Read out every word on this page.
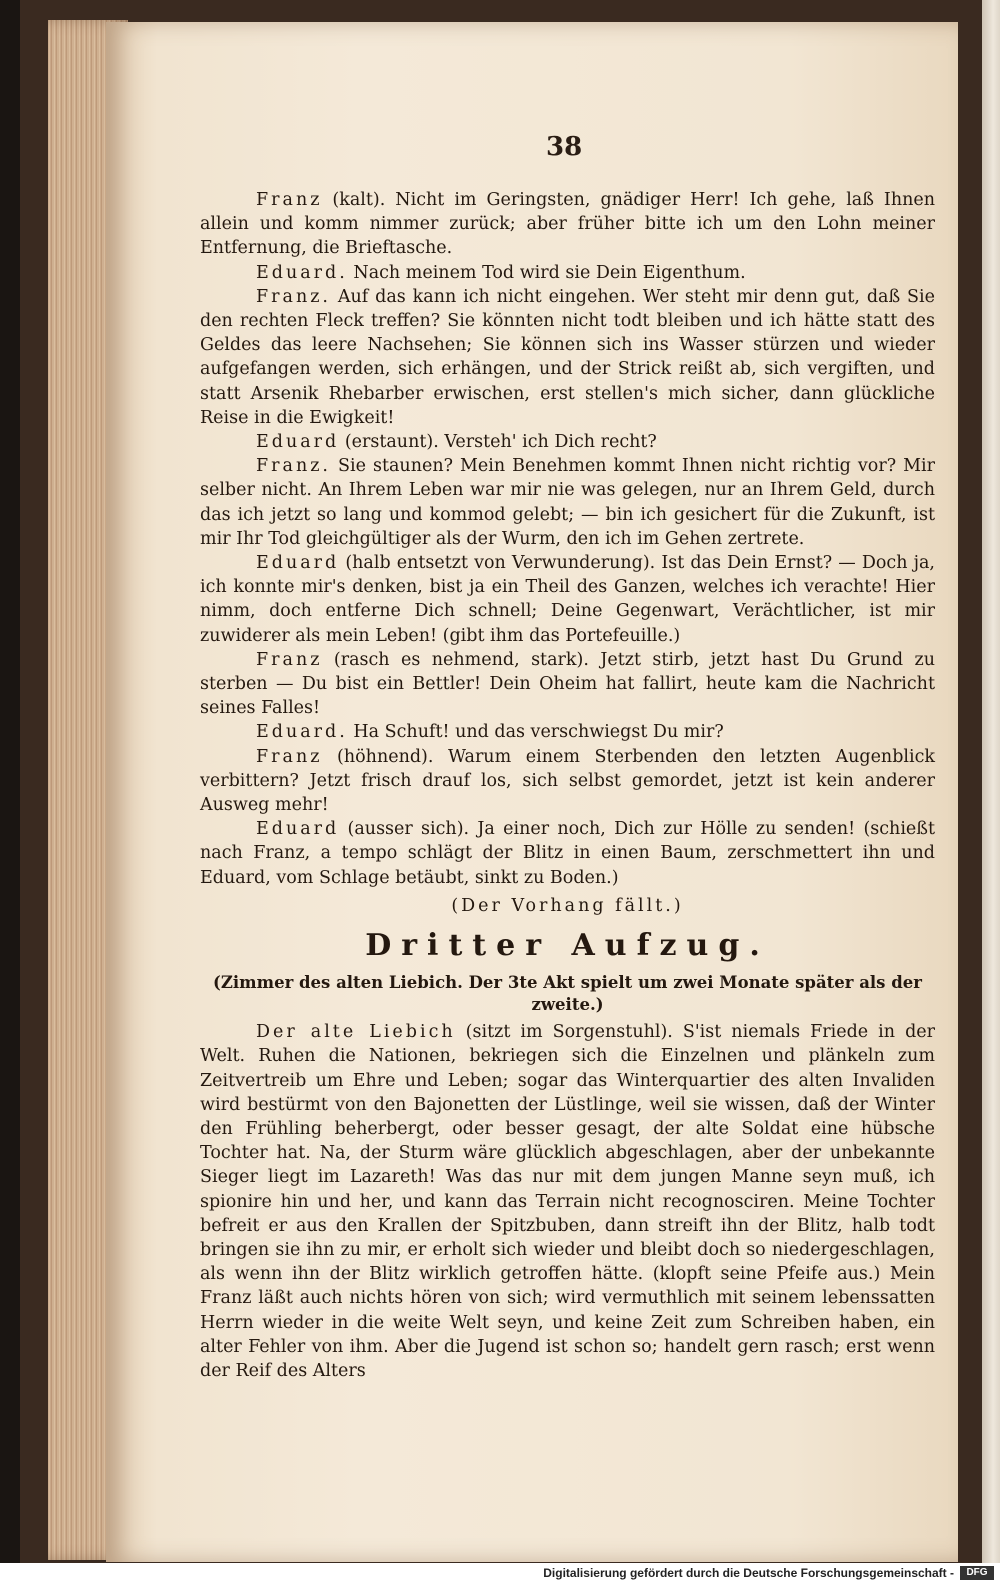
38

Franz (kalt). Nicht im Geringsten, gnädiger Herr! Ich gehe, laß Ihnen allein und komm nimmer zurück; aber früher bitte ich um den Lohn meiner Entfernung, die Brieftasche.

Eduard. Nach meinem Tod wird sie Dein Eigenthum.

Franz. Auf das kann ich nicht eingehen. Wer steht mir denn gut, daß Sie den rechten Fleck treffen? Sie könnten nicht todt bleiben und ich hätte statt des Geldes das leere Nachsehen; Sie können sich ins Wasser stürzen und wieder aufgefangen werden, sich erhängen, und der Strick reißt ab, sich vergiften, und statt Arsenik Rhebarber erwischen, erst stellen's mich sicher, dann glückliche Reise in die Ewigkeit!

Eduard (erstaunt). Versteh' ich Dich recht?

Franz. Sie staunen? Mein Benehmen kommt Ihnen nicht richtig vor? Mir selber nicht. An Ihrem Leben war mir nie was gelegen, nur an Ihrem Geld, durch das ich jetzt so lang und kommod gelebt; — bin ich gesichert für die Zukunft, ist mir Ihr Tod gleichgültiger als der Wurm, den ich im Gehen zertrete.

Eduard (halb entsetzt von Verwunderung). Ist das Dein Ernst? — Doch ja, ich konnte mir's denken, bist ja ein Theil des Ganzen, welches ich verachte! Hier nimm, doch entferne Dich schnell; Deine Gegenwart, Verächtlicher, ist mir zuwiderer als mein Leben! (gibt ihm das Portefeuille.)

Franz (rasch es nehmend, stark). Jetzt stirb, jetzt hast Du Grund zu sterben — Du bist ein Bettler! Dein Oheim hat fallirt, heute kam die Nachricht seines Falles!

Eduard. Ha Schuft! und das verschwiegst Du mir?

Franz (höhnend). Warum einem Sterbenden den letzten Augenblick verbittern? Jetzt frisch drauf los, sich selbst gemordet, jetzt ist kein anderer Ausweg mehr!

Eduard (ausser sich). Ja einer noch, Dich zur Hölle zu senden! (schießt nach Franz, a tempo schlägt der Blitz in einen Baum, zerschmettert ihn und Eduard, vom Schlage betäubt, sinkt zu Boden.)

(Der Vorhang fällt.)

Dritter Aufzug.

(Zimmer des alten Liebich. Der 3te Akt spielt um zwei Monate später als der zweite.)

Der alte Liebich (sitzt im Sorgenstuhl). S'ist niemals Friede in der Welt. Ruhen die Nationen, bekriegen sich die Einzelnen und plänkeln zum Zeitvertreib um Ehre und Leben; sogar das Winterquartier des alten Invaliden wird bestürmt von den Bajonetten der Lüstlinge, weil sie wissen, daß der Winter den Frühling beherbergt, oder besser gesagt, der alte Soldat eine hübsche Tochter hat. Na, der Sturm wäre glücklich abgeschlagen, aber der unbekannte Sieger liegt im Lazareth! Was das nur mit dem jungen Manne seyn muß, ich spionire hin und her, und kann das Terrain nicht recognosciren. Meine Tochter befreit er aus den Krallen der Spitzbuben, dann streift ihn der Blitz, halb todt bringen sie ihn zu mir, er erholt sich wieder und bleibt doch so niedergeschlagen, als wenn ihn der Blitz wirklich getroffen hätte. (klopft seine Pfeife aus.) Mein Franz läßt auch nichts hören von sich; wird vermuthlich mit seinem lebenssatten Herrn wieder in die weite Welt seyn, und keine Zeit zum Schreiben haben, ein alter Fehler von ihm. Aber die Jugend ist schon so; handelt gern rasch; erst wenn der Reif des Alters

Digitalisierung gefördert durch die Deutsche Forschungsgemeinschaft -	DFG
